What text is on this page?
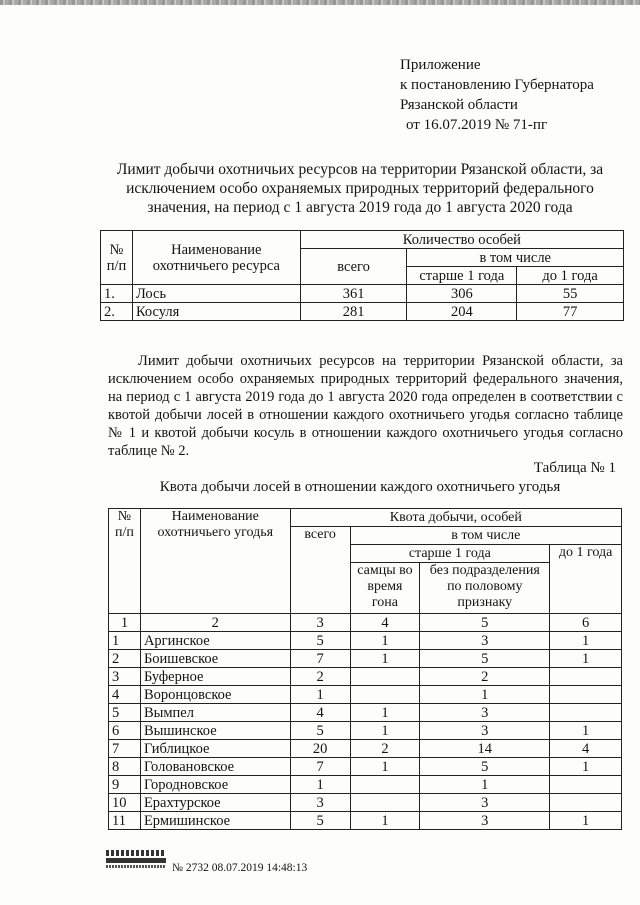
Приложение
к постановлению Губернатора
Рязанской области
от 16.07.2019 № 71-пг
Лимит добычи охотничьих ресурсов на территории Рязанской области, за исключением особо охраняемых природных территорий федерального значения, на период с 1 августа 2019 года до 1 августа 2020 года
№ п/п	Наименование охотничьего ресурса	Количество особей		
		всего	в том числе	
			старше 1 года	до 1 года
1.	Лось	361	306	55
2.	Косуля	281	204	77
Лимит добычи охотничьих ресурсов на территории Рязанской области, за исключением особо охраняемых природных территорий федерального значения, на период с 1 августа 2019 года до 1 августа 2020 года определен в соответствии с квотой добычи лосей в отношении каждого охотничьего угодья согласно таблице № 1 и квотой добычи косуль в отношении каждого охотничьего угодья согласно таблице № 2.
Таблица № 1
Квота добычи лосей в отношении каждого охотничьего угодья
№ п/п	Наименование охотничьего угодья	Квота добычи, особей			
		всего	в том числе		
			старше 1 года		до 1 года
			самцы во время гона	без подразделения по половому признаку	
1	2	3	4	5	6
1	Аргинское	5	1	3	1
2	Боишевское	7	1	5	1
3	Буферное	2		2	
4	Воронцовское	1		1	
5	Вымпел	4	1	3	
6	Вышинское	5	1	3	1
7	Гиблицкое	20	2	14	4
8	Головановское	7	1	5	1
9	Городновское	1		1	
10	Ерахтурское	3		3	
11	Ермишинское	5	1	3	1
№ 2732 08.07.2019 14:48:13
